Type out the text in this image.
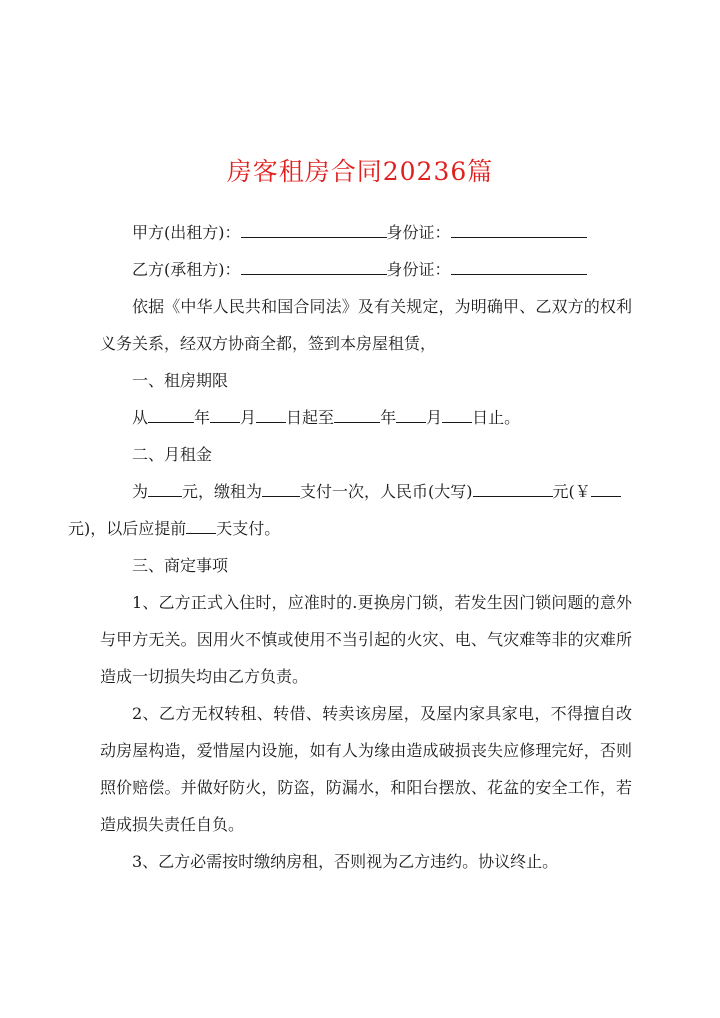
房客租房合同20236篇

甲方(出租方)：	身份证：

乙方(承租方)：	身份证：

依据《中华人民共和国合同法》及有关规定，为明确甲、乙双方的权利义务关系，经双方协商全都，签到本房屋租赁，

一、租房期限

从	年 月 日起至	年 月 日止。

二、月租金

为 元，缴租为 支付一次，人民币(大写)	元(￥
元)，以后应提前 天支付。

三、商定事项

1、乙方正式入住时，应准时的.更换房门锁，若发生因门锁问题的意外与甲方无关。因用火不慎或使用不当引起的火灾、电、气灾难等非的灾难所造成一切损失均由乙方负责。

2、乙方无权转租、转借、转卖该房屋，及屋内家具家电，不得擅自改动房屋构造，爱惜屋内设施，如有人为缘由造成破损丧失应修理完好，否则照价赔偿。并做好防火，防盗，防漏水，和阳台摆放、花盆的安全工作，若造成损失责任自负。

3、乙方必需按时缴纳房租，否则视为乙方违约。协议终止。
